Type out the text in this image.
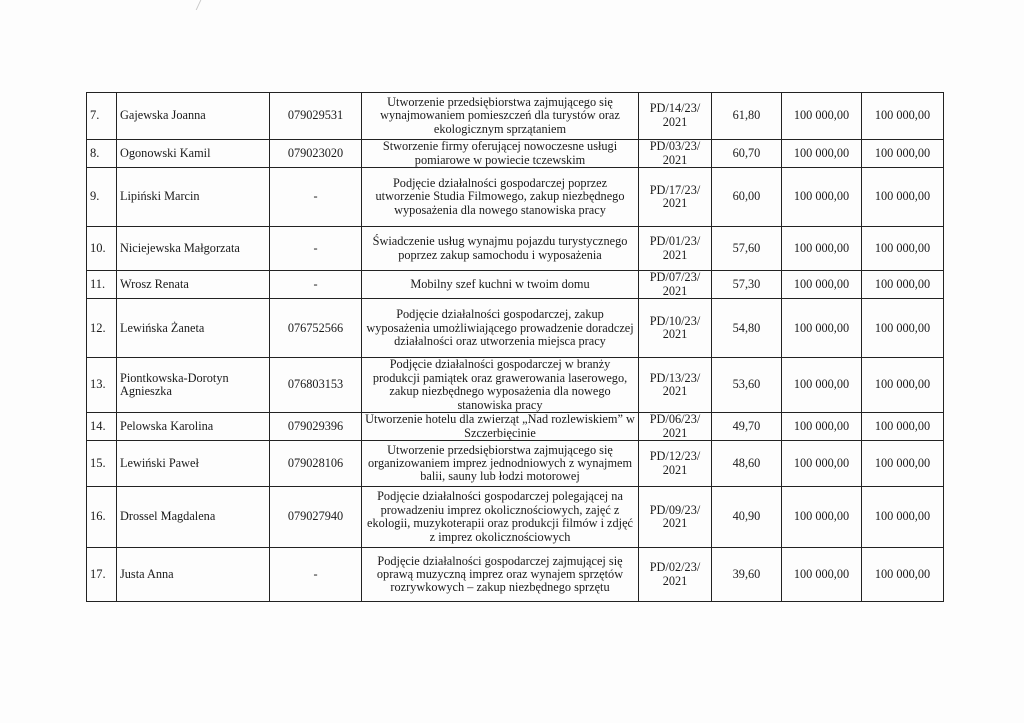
7.	Gajewska Joanna	079029531	Utworzenie przedsiębiorstwa zajmującego się wynajmowaniem pomieszczeń dla turystów oraz ekologicznym sprzątaniem	PD/14/23/ 2021	61,80	100 000,00	100 000,00
8.	Ogonowski Kamil	079023020	Stworzenie firmy oferującej nowoczesne usługi pomiarowe w powiecie tczewskim	PD/03/23/ 2021	60,70	100 000,00	100 000,00
9.	Lipiński Marcin	-	Podjęcie działalności gospodarczej poprzez utworzenie Studia Filmowego, zakup niezbędnego wyposażenia dla nowego stanowiska pracy	PD/17/23/ 2021	60,00	100 000,00	100 000,00
10.	Niciejewska Małgorzata	-	Świadczenie usług wynajmu pojazdu turystycznego poprzez zakup samochodu i wyposażenia	PD/01/23/ 2021	57,60	100 000,00	100 000,00
11.	Wrosz Renata	-	Mobilny szef kuchni w twoim domu	PD/07/23/ 2021	57,30	100 000,00	100 000,00
12.	Lewińska Żaneta	076752566	Podjęcie działalności gospodarczej, zakup wyposażenia umożliwiającego prowadzenie doradczej działalności oraz utworzenia miejsca pracy	PD/10/23/ 2021	54,80	100 000,00	100 000,00
13.	Piontkowska-Dorotyn Agnieszka	076803153	Podjęcie działalności gospodarczej w branży produkcji pamiątek oraz grawerowania laserowego, zakup niezbędnego wyposażenia dla nowego stanowiska pracy	PD/13/23/ 2021	53,60	100 000,00	100 000,00
14.	Pelowska Karolina	079029396	Utworzenie hotelu dla zwierząt „Nad rozlewiskiem” w Szczerbięcinie	PD/06/23/ 2021	49,70	100 000,00	100 000,00
15.	Lewiński Paweł	079028106	Utworzenie przedsiębiorstwa zajmującego się organizowaniem imprez jednodniowych z wynajmem balii, sauny lub łodzi motorowej	PD/12/23/ 2021	48,60	100 000,00	100 000,00
16.	Drossel Magdalena	079027940	Podjęcie działalności gospodarczej polegającej na prowadzeniu imprez okolicznościowych, zajęć z ekologii, muzykoterapii oraz produkcji filmów i zdjęć z imprez okolicznościowych	PD/09/23/ 2021	40,90	100 000,00	100 000,00
17.	Justa Anna	-	Podjęcie działalności gospodarczej zajmującej się oprawą muzyczną imprez oraz wynajem sprzętów rozrywkowych – zakup niezbędnego sprzętu	PD/02/23/ 2021	39,60	100 000,00	100 000,00
